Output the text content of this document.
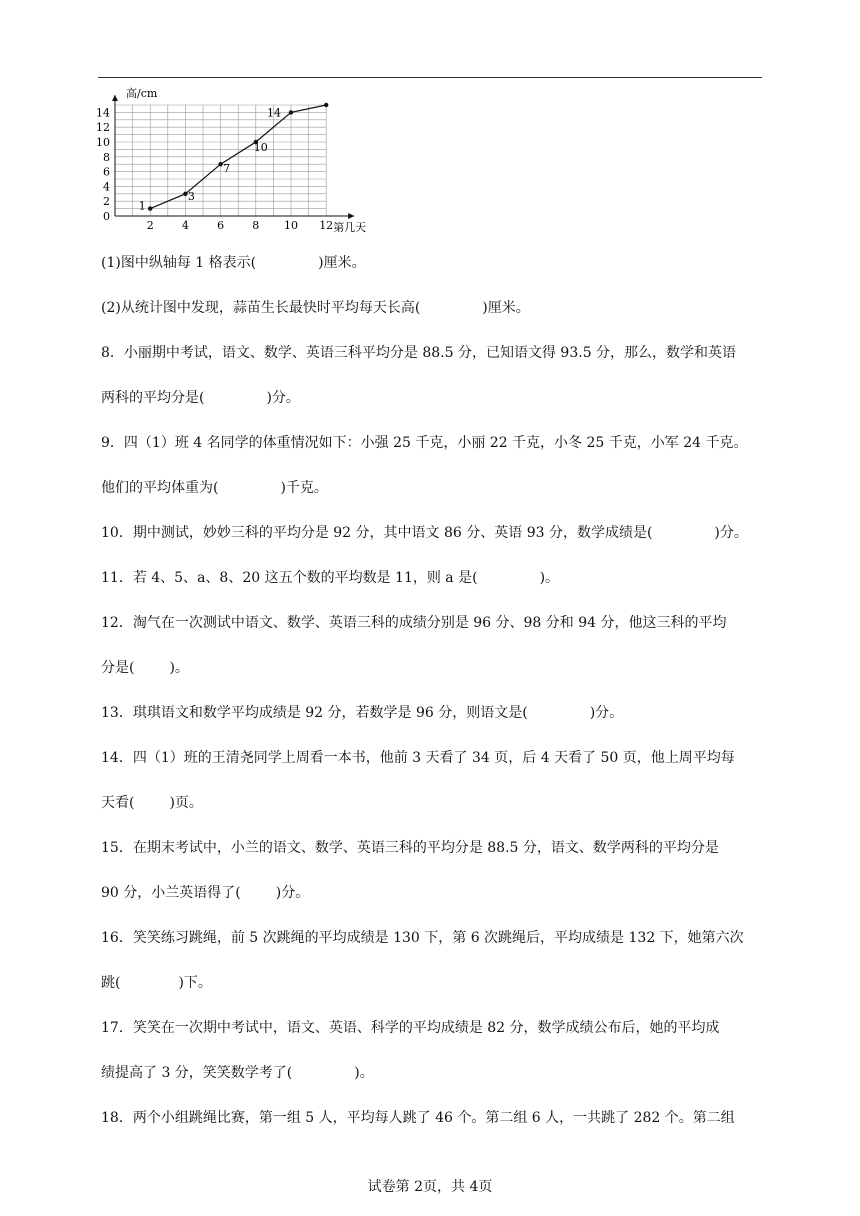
2	4	6	8 10 12
0
2
4
6
8
10
12
14
高/cm
第几天
1
3
7
10
14
(1)图中纵轴每 1 格表示(	)厘米。
(2)从统计图中发现，蒜苗生长最快时平均每天长高(	)厘米。
8．小丽期中考试，语文、数学、英语三科平均分是 88.5 分，已知语文得 93.5 分，那么，数学和英语
两科的平均分是(	)分。
9．四（1）班 4 名同学的体重情况如下：小强 25 千克，小丽 22 千克，小冬 25 千克，小军 24 千克。
他们的平均体重为(	)千克。
10．期中测试，妙妙三科的平均分是 92 分，其中语文 86 分、英语 93 分，数学成绩是(	)分。
11．若 4、5、a、8、20 这五个数的平均数是 11，则 a 是(	)。
12．淘气在一次测试中语文、数学、英语三科的成绩分别是 96 分、98 分和 94 分，他这三科的平均
分是(	)。
13．琪琪语文和数学平均成绩是 92 分，若数学是 96 分，则语文是(	)分。
14．四（1）班的王清尧同学上周看一本书，他前 3 天看了 34 页，后 4 天看了 50 页，他上周平均每
天看(	)页。
15．在期末考试中，小兰的语文、数学、英语三科的平均分是 88.5 分，语文、数学两科的平均分是
90 分，小兰英语得了(	)分。
16．笑笑练习跳绳，前 5 次跳绳的平均成绩是 130 下，第 6 次跳绳后，平均成绩是 132 下，她第六次
跳(	)下。
17．笑笑在一次期中考试中，语文、英语、科学的平均成绩是 82 分，数学成绩公布后，她的平均成
绩提高了 3 分，笑笑数学考了(	)。
18．两个小组跳绳比赛，第一组 5 人，平均每人跳了 46 个。第二组 6 人，一共跳了 282 个。第二组
试卷第 2页，共 4页
